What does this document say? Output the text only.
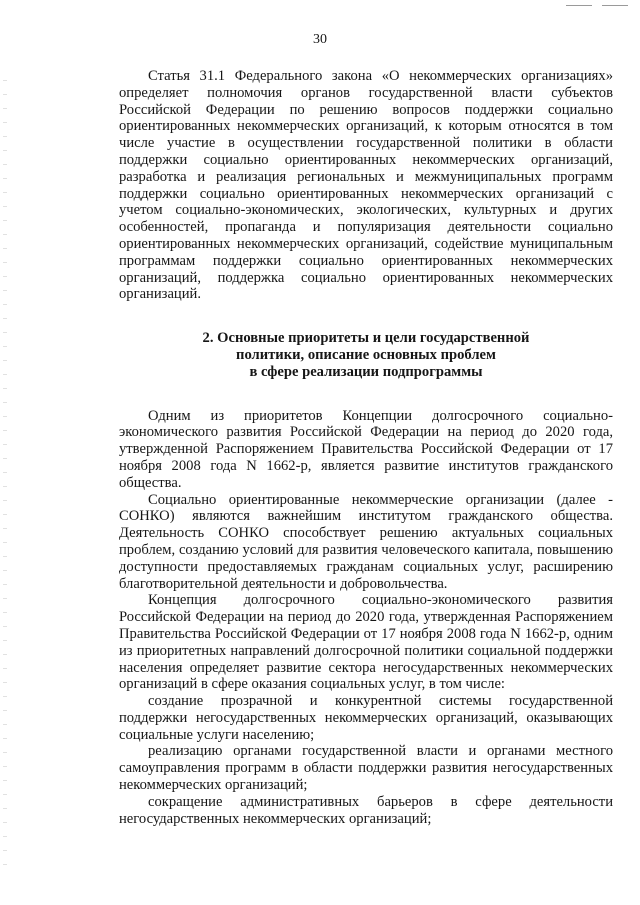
30

Статья 31.1 Федерального закона «О некоммерческих организациях» определяет полномочия органов государственной власти субъектов Российской Федерации по решению вопросов поддержки социально ориентированных некоммерческих организаций, к которым относятся в том числе участие в осуществлении государственной политики в области поддержки социально ориентированных некоммерческих организаций, разработка и реализация региональных и межмуниципальных программ поддержки социально ориентированных некоммерческих организаций с учетом социально-экономических, экологических, культурных и других особенностей, пропаганда и популяризация деятельности социально ориентированных некоммерческих организаций, содействие муниципальным программам поддержки социально ориентированных некоммерческих организаций, поддержка социально ориентированных некоммерческих организаций.

2. Основные приоритеты и цели государственной
политики, описание основных проблем
в сфере реализации подпрограммы

Одним из приоритетов Концепции долгосрочного социально-экономического развития Российской Федерации на период до 2020 года, утвержденной Распоряжением Правительства Российской Федерации от 17 ноября 2008 года N 1662-р, является развитие институтов гражданского общества.

Социально ориентированные некоммерческие организации (далее - СОНКО) являются важнейшим институтом гражданского общества. Деятельность СОНКО способствует решению актуальных социальных проблем, созданию условий для развития человеческого капитала, повышению доступности предоставляемых гражданам социальных услуг, расширению благотворительной деятельности и добровольчества.

Концепция долгосрочного социально-экономического развития Российской Федерации на период до 2020 года, утвержденная Распоряжением Правительства Российской Федерации от 17 ноября 2008 года N 1662-р, одним из приоритетных направлений долгосрочной политики социальной поддержки населения определяет развитие сектора негосударственных некоммерческих организаций в сфере оказания социальных услуг, в том числе:

создание прозрачной и конкурентной системы государственной поддержки негосударственных некоммерческих организаций, оказывающих социальные услуги населению;

реализацию органами государственной власти и органами местного самоуправления программ в области поддержки развития негосударственных некоммерческих организаций;

сокращение административных барьеров в сфере деятельности негосударственных некоммерческих организаций;
